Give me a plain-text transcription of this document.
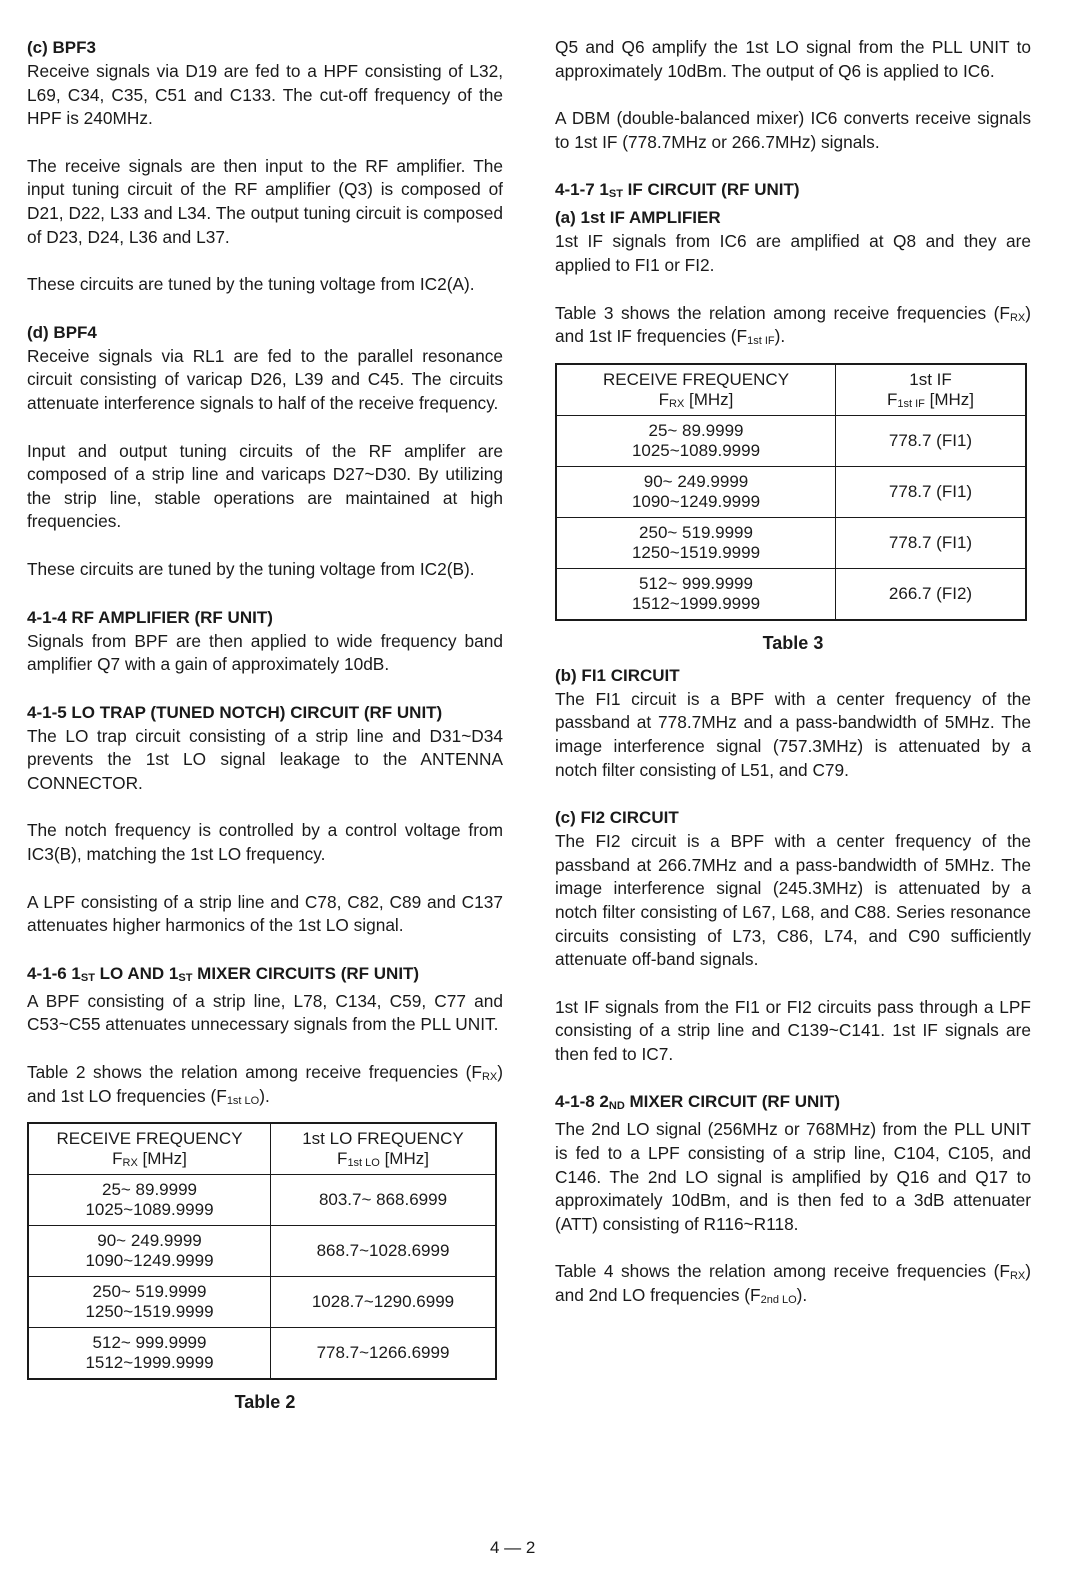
(c) BPF3

Receive signals via D19 are fed to a HPF consisting of L32, L69, C34, C35, C51 and C133. The cut-off frequency of the HPF is 240MHz.

The receive signals are then input to the RF amplifier. The input tuning circuit of the RF amplifier (Q3) is composed of D21, D22, L33 and L34. The output tuning circuit is composed of D23, D24, L36 and L37.

These circuits are tuned by the tuning voltage from IC2(A).

(d) BPF4

Receive signals via RL1 are fed to the parallel resonance circuit consisting of varicap D26, L39 and C45. The circuits attenuate interference signals to half of the receive frequency.

Input and output tuning circuits of the RF amplifer are composed of a strip line and varicaps D27~D30. By utilizing the strip line, stable operations are maintained at high frequencies.

These circuits are tuned by the tuning voltage from IC2(B).

4-1-4 RF AMPLIFIER (RF UNIT)

Signals from BPF are then applied to wide frequency band amplifier Q7 with a gain of approximately 10dB.

4-1-5 LO TRAP (TUNED NOTCH) CIRCUIT (RF UNIT)

The LO trap circuit consisting of a strip line and D31~D34 prevents the 1st LO signal leakage to the ANTENNA CONNECTOR.

The notch frequency is controlled by a control voltage from IC3(B), matching the 1st LO frequency.

A LPF consisting of a strip line and C78, C82, C89 and C137 attenuates higher harmonics of the 1st LO signal.

4-1-6 1ST LO AND 1ST MIXER CIRCUITS (RF UNIT)

A BPF consisting of a strip line, L78, C134, C59, C77 and C53~C55 attenuates unnecessary signals from the PLL UNIT.

Table 2 shows the relation among receive frequencies $(F_{RX})$ and 1st LO frequencies $(F_{1st LO})$.

RECEIVE FREQUENCY
$F_{RX}$ [MHz]	1st LO FREQUENCY
$F_{1st LO}$ [MHz]
25~ 89.9999
1025~1089.9999	803.7~ 868.6999
90~ 249.9999
1090~1249.9999	868.7~1028.6999
250~ 519.9999
1250~1519.9999	1028.7~1290.6999
512~ 999.9999
1512~1999.9999	778.7~1266.6999
Table 2

Q5 and Q6 amplify the 1st LO signal from the PLL UNIT to approximately 10dBm. The output of Q6 is applied to IC6.

A DBM (double-balanced mixer) IC6 converts receive signals to 1st IF (778.7MHz or 266.7MHz) signals.

4-1-7 1ST IF CIRCUIT (RF UNIT)

(a) 1st IF AMPLIFIER

1st IF signals from IC6 are amplified at Q8 and they are applied to FI1 or FI2.

Table 3 shows the relation among receive frequencies $(F_{RX})$ and 1st IF frequencies $(F_{1st IF})$.

RECEIVE FREQUENCY
$F_{RX}$ [MHz]	1st IF
$F_{1st IF}$ [MHz]
25~ 89.9999
1025~1089.9999	778.7 (FI1)
90~ 249.9999
1090~1249.9999	778.7 (FI1)
250~ 519.9999
1250~1519.9999	778.7 (FI1)
512~ 999.9999
1512~1999.9999	266.7 (FI2)
Table 3

(b) FI1 CIRCUIT

The FI1 circuit is a BPF with a center frequency of the passband at 778.7MHz and a pass-bandwidth of 5MHz. The image interference signal (757.3MHz) is attenuated by a notch filter consisting of L51, and C79.

(c) FI2 CIRCUIT

The FI2 circuit is a BPF with a center frequency of the passband at 266.7MHz and a pass-bandwidth of 5MHz. The image interference signal (245.3MHz) is attenuated by a notch filter consisting of L67, L68, and C88. Series resonance circuits consisting of L73, C86, L74, and C90 sufficiently attenuate off-band signals.

1st IF signals from the FI1 or FI2 circuits pass through a LPF consisting of a strip line and C139~C141. 1st IF signals are then fed to IC7.

4-1-8 2ND MIXER CIRCUIT (RF UNIT)

The 2nd LO signal (256MHz or 768MHz) from the PLL UNIT is fed to a LPF consisting of a strip line, C104, C105, and C146. The 2nd LO signal is amplified by Q16 and Q17 to approximately 10dBm, and is then fed to a 3dB attenuater (ATT) consisting of R116~R118.

Table 4 shows the relation among receive frequencies $(F_{RX})$ and 2nd LO frequencies $(F_{2nd LO})$.

4 — 2
